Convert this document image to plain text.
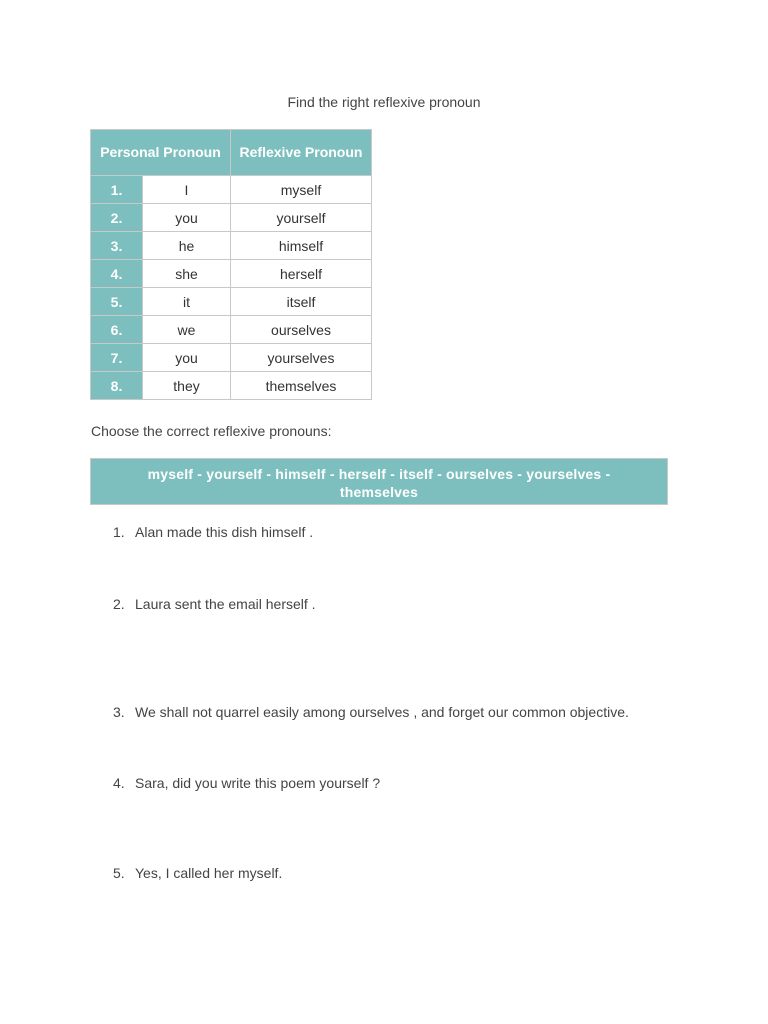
Find the right reflexive pronoun
Personal Pronoun		Reflexive Pronoun
1.	I	myself
2.	you	yourself
3.	he	himself
4.	she	herself
5.	it	itself
6.	we	ourselves
7.	you	yourselves
8.	they	themselves
Choose the correct reflexive pronouns:
myself - yourself - himself - herself - itself - ourselves - yourselves - themselves
1. Alan made this dish himself .
2. Laura sent the email herself .
3. We shall not quarrel easily among ourselves , and forget our common objective.
4. Sara, did you write this poem yourself ?
5. Yes, I called her myself.
